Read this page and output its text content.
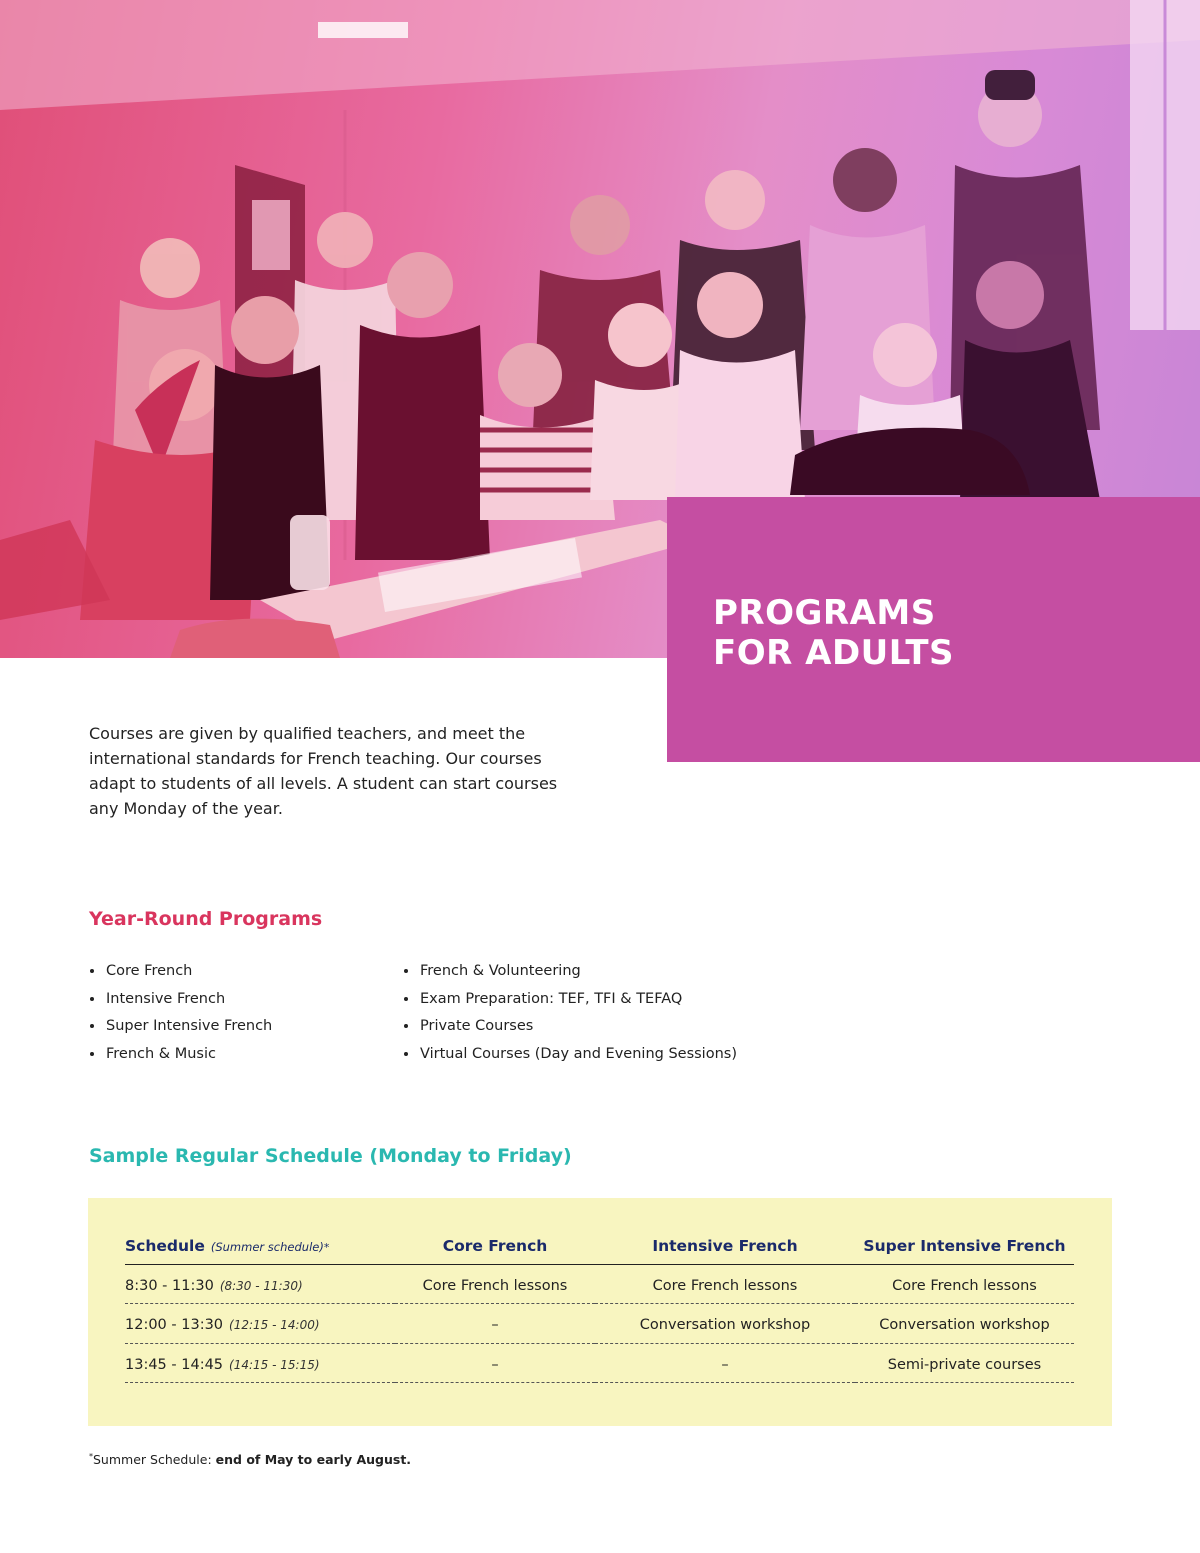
PROGRAMS
FOR ADULTS

Courses are given by qualified teachers, and meet the international standards for French teaching. Our courses adapt to students of all levels. A student can start courses any Monday of the year.

Year-Round Programs
Core French
Intensive French
Super Intensive French
French & Music
French & Volunteering
Exam Preparation: TEF, TFI & TEFAQ
Private Courses
Virtual Courses (Day and Evening Sessions)
Sample Regular Schedule (Monday to Friday)
Schedule (Summer schedule)*	Core French	Intensive French	Super Intensive French
8:30 - 11:30 (8:30 - 11:30)	Core French lessons	Core French lessons	Core French lessons
12:00 - 13:30 (12:15 - 14:00)	–	Conversation workshop	Conversation workshop
13:45 - 14:45 (14:15 - 15:15)	–	–	Semi-private courses

*Summer Schedule: end of May to early August.
